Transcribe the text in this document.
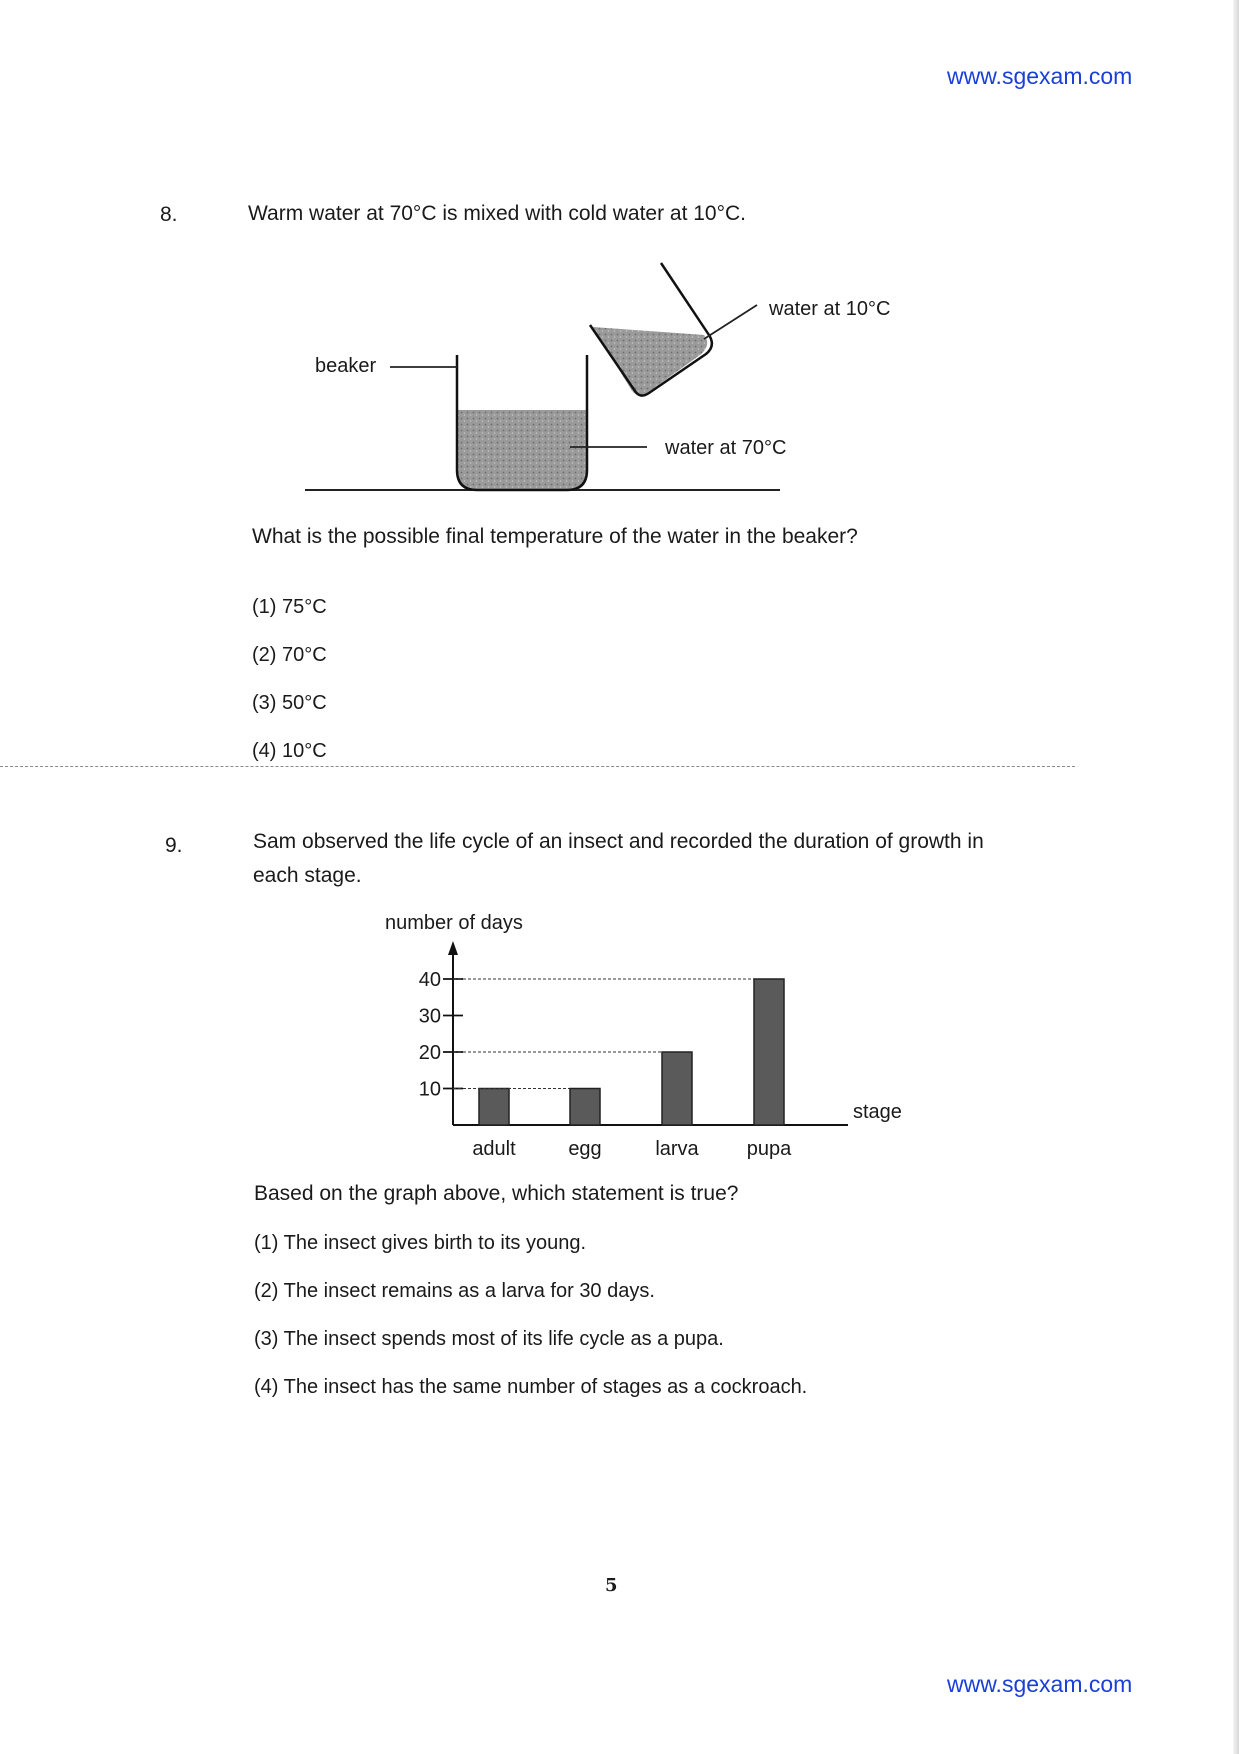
www.sgexam.com
8.	Warm water at 70°C is mixed with cold water at 10°C.
beaker
water at 10°C
water at 70°C
What is the possible final temperature of the water in the beaker?
(1) 75°C
(2) 70°C
(3) 50°C
(4) 10°C
9.	Sam observed the life cycle of an insect and recorded the duration of growth in
each stage.
number of days
stage
10
20
30
40
adult	egg	larva pupa
Based on the graph above, which statement is true?
(1) The insect gives birth to its young.
(2) The insect remains as a larva for 30 days.
(3) The insect spends most of its life cycle as a pupa.
(4) The insect has the same number of stages as a cockroach.
5
www.sgexam.com
